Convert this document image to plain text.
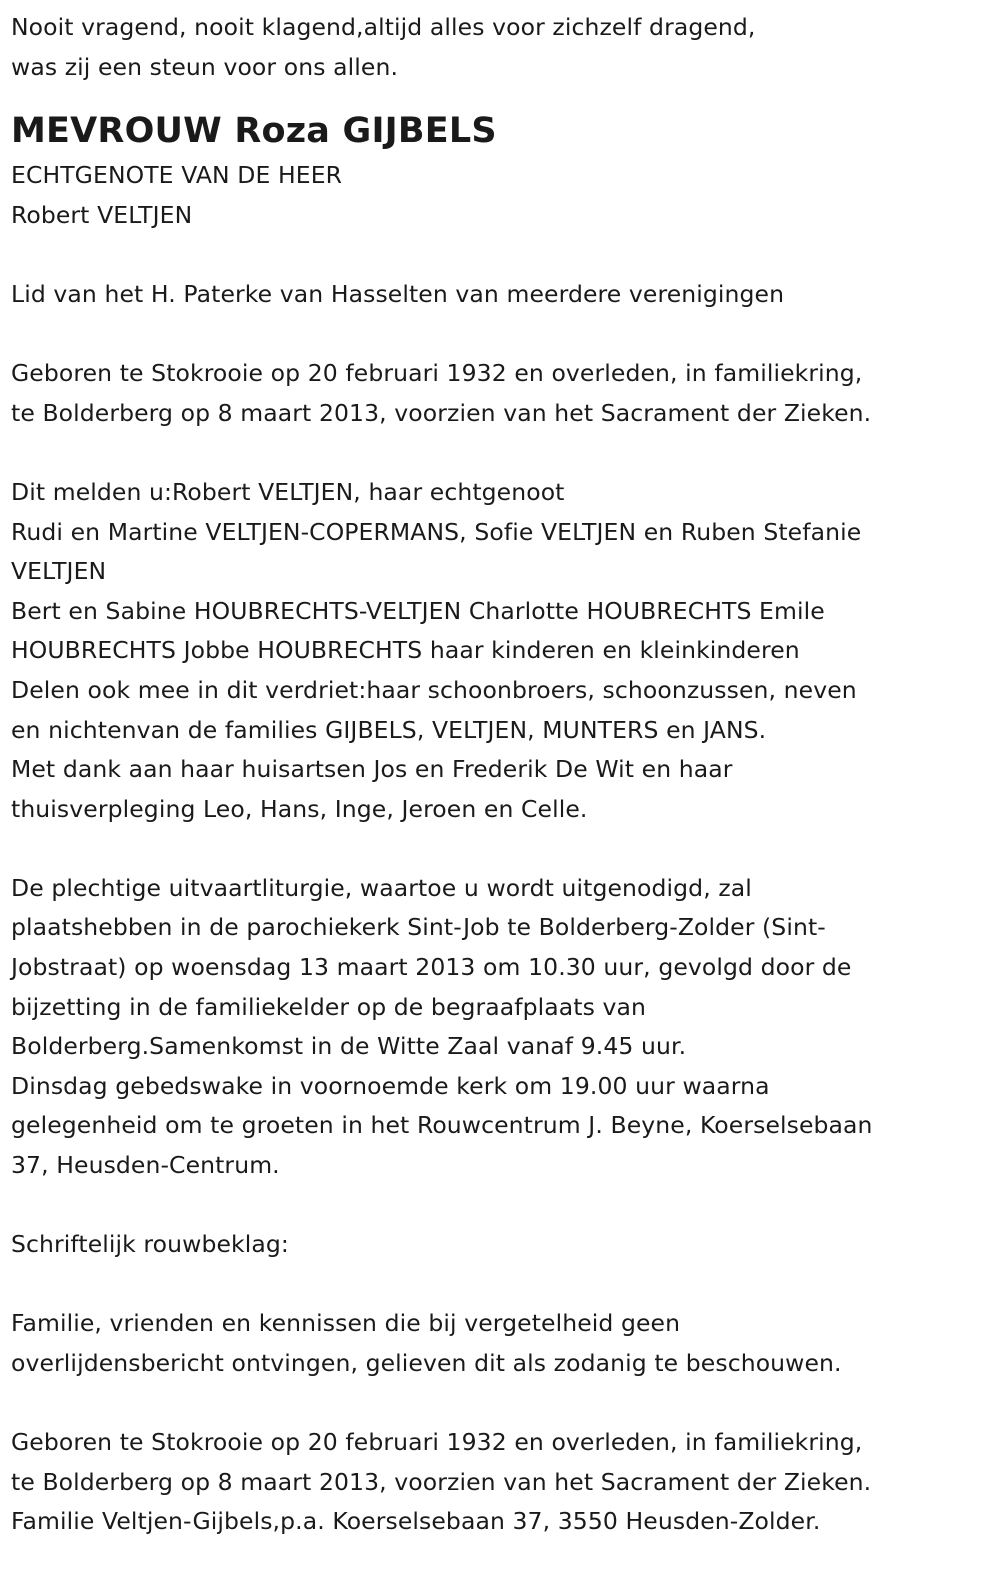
Nooit vragend, nooit klagend,altijd alles voor zichzelf dragend,
was zij een steun voor ons allen.

MEVROUW Roza GIJBELS

ECHTGENOTE VAN DE HEER
Robert VELTJEN

Lid van het H. Paterke van Hasselten van meerdere verenigingen

Geboren te Stokrooie op 20 februari 1932 en overleden, in familiekring,
te Bolderberg op 8 maart 2013, voorzien van het Sacrament der Zieken.

Dit melden u:Robert VELTJEN, haar echtgenoot
Rudi en Martine VELTJEN-COPERMANS, Sofie VELTJEN en Ruben Stefanie
VELTJEN
Bert en Sabine HOUBRECHTS-VELTJEN Charlotte HOUBRECHTS Emile
HOUBRECHTS Jobbe HOUBRECHTS haar kinderen en kleinkinderen
Delen ook mee in dit verdriet:haar schoonbroers, schoonzussen, neven
en nichtenvan de families GIJBELS, VELTJEN, MUNTERS en JANS.
Met dank aan haar huisartsen Jos en Frederik De Wit en haar
thuisverpleging Leo, Hans, Inge, Jeroen en Celle.

De plechtige uitvaartliturgie, waartoe u wordt uitgenodigd, zal
plaatshebben in de parochiekerk Sint-Job te Bolderberg-Zolder (Sint-
Jobstraat) op woensdag 13 maart 2013 om 10.30 uur, gevolgd door de
bijzetting in de familiekelder op de begraafplaats van
Bolderberg.Samenkomst in de Witte Zaal vanaf 9.45 uur.
Dinsdag gebedswake in voornoemde kerk om 19.00 uur waarna
gelegenheid om te groeten in het Rouwcentrum J. Beyne, Koerselsebaan
37, Heusden-Centrum.

Schriftelijk rouwbeklag:

Familie, vrienden en kennissen die bij vergetelheid geen
overlijdensbericht ontvingen, gelieven dit als zodanig te beschouwen.

Geboren te Stokrooie op 20 februari 1932 en overleden, in familiekring,
te Bolderberg op 8 maart 2013, voorzien van het Sacrament der Zieken.
Familie Veltjen-Gijbels,p.a. Koerselsebaan 37, 3550 Heusden-Zolder.
